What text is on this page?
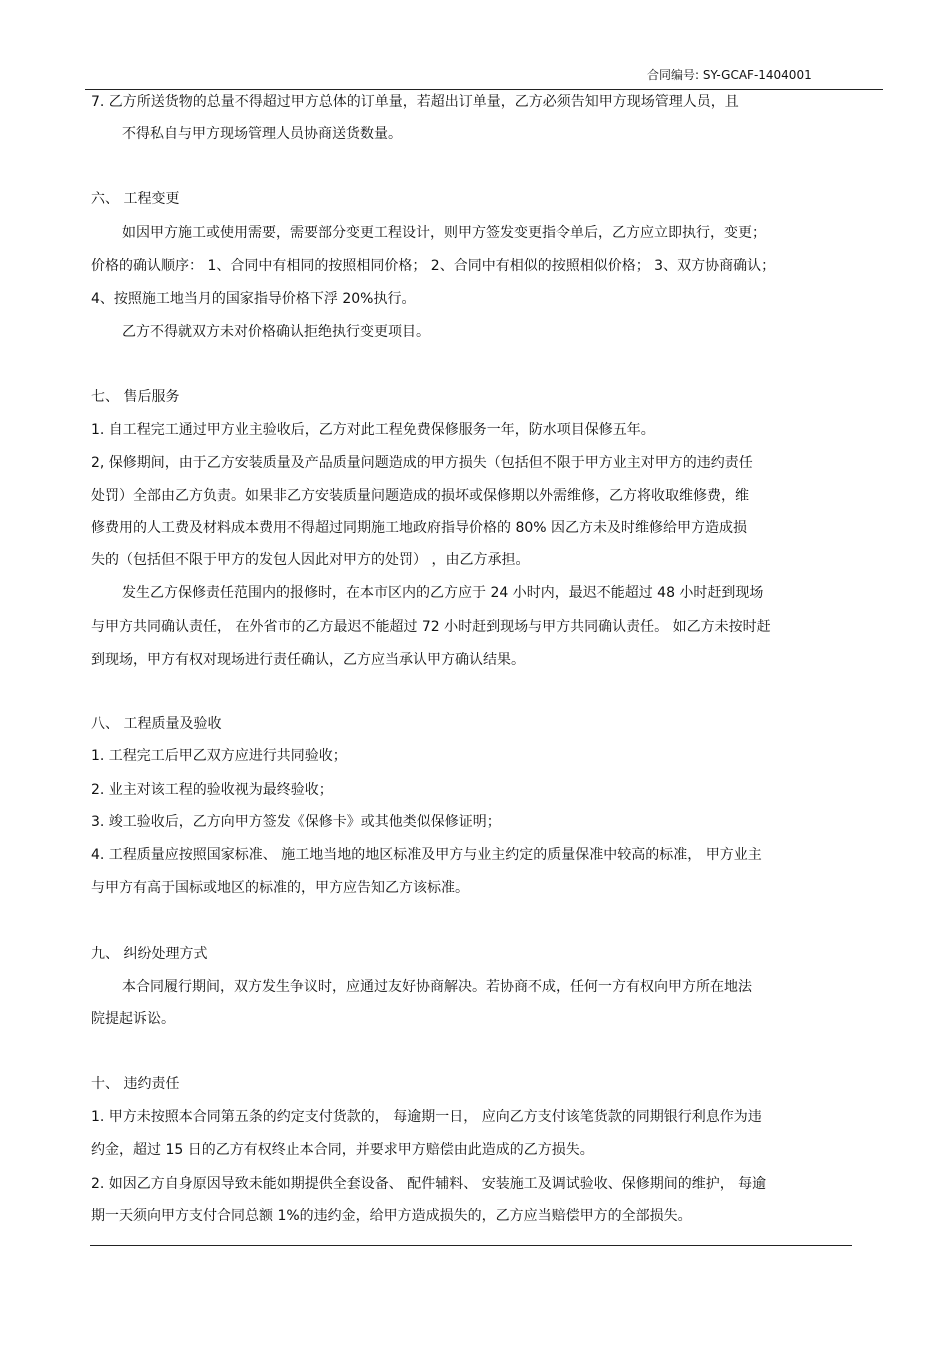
合同编号: SY-GCAF-1404001
7. 乙方所送货物的总量不得超过甲方总体的订单量，若超出订单量，乙方必须告知甲方现场管理人员，且
不得私自与甲方现场管理人员协商送货数量。
六、 工程变更
如因甲方施工或使用需要，需要部分变更工程设计，则甲方签发变更指令单后，乙方应立即执行，变更；
价格的确认顺序： 1、合同中有相同的按照相同价格； 2、合同中有相似的按照相似价格； 3、双方协商确认；
4、按照施工地当月的国家指导价格下浮 20%执行。
乙方不得就双方未对价格确认拒绝执行变更项目。
七、 售后服务
1. 自工程完工通过甲方业主验收后，乙方对此工程免费保修服务一年，防水项目保修五年。
2, 保修期间，由于乙方安装质量及产品质量问题造成的甲方损失（包括但不限于甲方业主对甲方的违约责任
处罚）全部由乙方负责。如果非乙方安装质量问题造成的损坏或保修期以外需维修，乙方将收取维修费，维
修费用的人工费及材料成本费用不得超过同期施工地政府指导价格的 80% 因乙方未及时维修给甲方造成损
失的（包括但不限于甲方的发包人因此对甲方的处罚） ，由乙方承担。
发生乙方保修责任范围内的报修时，在本市区内的乙方应于 24 小时内，最迟不能超过 48 小时赶到现场
与甲方共同确认责任， 在外省市的乙方最迟不能超过 72 小时赶到现场与甲方共同确认责任。 如乙方未按时赶
到现场，甲方有权对现场进行责任确认，乙方应当承认甲方确认结果。
八、 工程质量及验收
1. 工程完工后甲乙双方应进行共同验收；
2. 业主对该工程的验收视为最终验收；
3. 竣工验收后，乙方向甲方签发《保修卡》或其他类似保修证明；
4. 工程质量应按照国家标准、 施工地当地的地区标准及甲方与业主约定的质量保准中较高的标准， 甲方业主
与甲方有高于国标或地区的标准的，甲方应告知乙方该标准。
九、 纠纷处理方式
本合同履行期间，双方发生争议时，应通过友好协商解决。若协商不成，任何一方有权向甲方所在地法
院提起诉讼。
十、 违约责任
1. 甲方未按照本合同第五条的约定支付货款的， 每逾期一日， 应向乙方支付该笔货款的同期银行利息作为违
约金，超过 15 日的乙方有权终止本合同，并要求甲方赔偿由此造成的乙方损失。
2. 如因乙方自身原因导致未能如期提供全套设备、 配件辅料、 安装施工及调试验收、保修期间的维护， 每逾
期一天须向甲方支付合同总额 1%的违约金，给甲方造成损失的，乙方应当赔偿甲方的全部损失。
